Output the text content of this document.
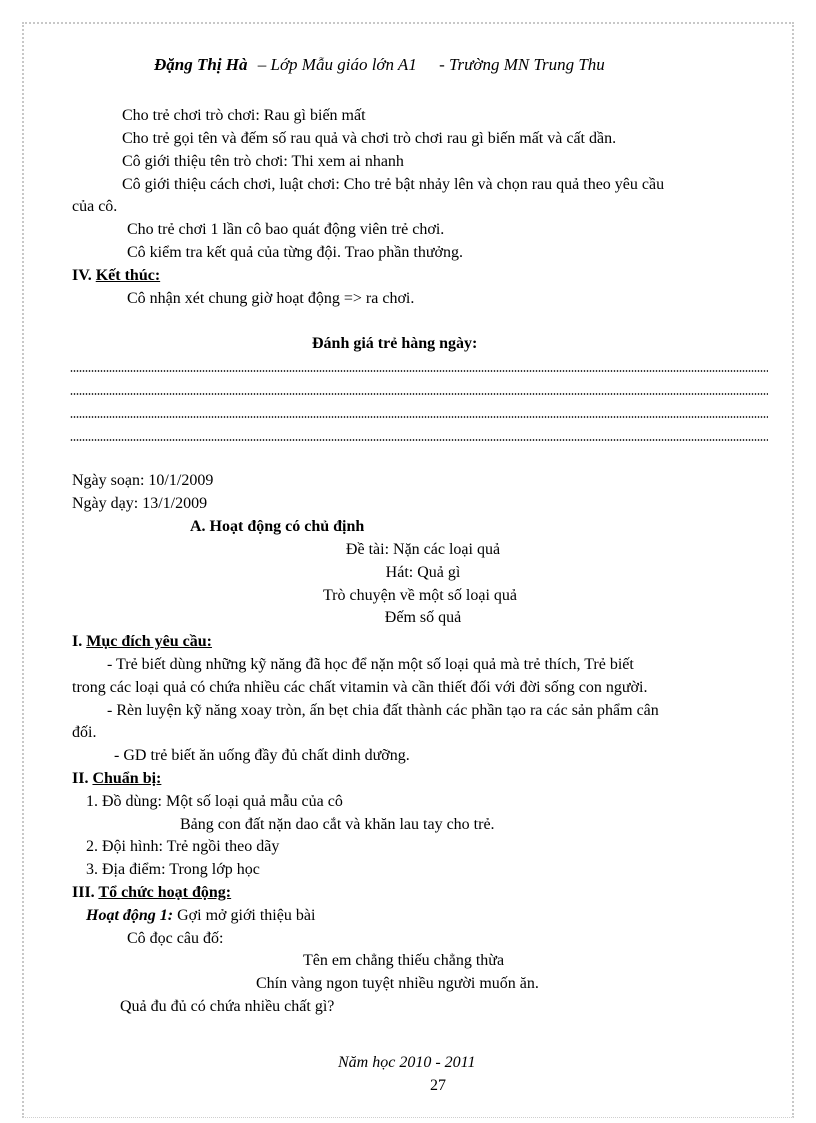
Đặng Thị Hà – Lớp Mẫu giáo lớn A1 - Trường MN Trung Thu
Cho trẻ chơi trò chơi: Rau gì biến mất
Cho trẻ gọi tên và đếm số rau quả và chơi trò chơi rau gì biến mất và cất dần.
Cô giới thiệu tên trò chơi: Thi xem ai nhanh
Cô giới thiệu cách chơi, luật chơi: Cho trẻ bật nhảy lên và chọn rau quả theo yêu cầu
của cô.
Cho trẻ chơi 1 lần cô bao quát động viên trẻ chơi.
Cô kiểm tra kết quả của từng đội. Trao phần thưởng.
IV. Kết thúc:
Cô nhận xét chung giờ hoạt động => ra chơi.
Đánh giá trẻ hàng ngày:
Ngày soạn: 10/1/2009
Ngày dạy: 13/1/2009
A. Hoạt động có chủ định
Đề tài: Nặn các loại quả
Hát: Quả gì
Trò chuyện về một số loại quả
Đếm số quả
I. Mục đích yêu cầu:
- Trẻ biết dùng những kỹ năng đã học để nặn một số loại quả mà trẻ thích, Trẻ biết
trong các loại quả có chứa nhiều các chất vitamin và cần thiết đối với đời sống con người.
- Rèn luyện kỹ năng xoay tròn, ấn bẹt chia đất thành các phần tạo ra các sản phẩm cân
đối.
- GD trẻ biết ăn uống đầy đủ chất dinh dưỡng.
II. Chuẩn bị:
1. Đồ dùng: Một số loại quả mẫu của cô
Bảng con đất nặn dao cắt và khăn lau tay cho trẻ.
2. Đội hình: Trẻ ngồi theo dãy
3. Địa điểm: Trong lớp học
III. Tổ chức hoạt động:
Hoạt động 1: Gợi mở giới thiệu bài
Cô đọc câu đố:
Tên em chẳng thiếu chẳng thừa
Chín vàng ngon tuyệt nhiều người muốn ăn.
Quả đu đủ có chứa nhiều chất gì?
Năm học 2010 - 2011
27
